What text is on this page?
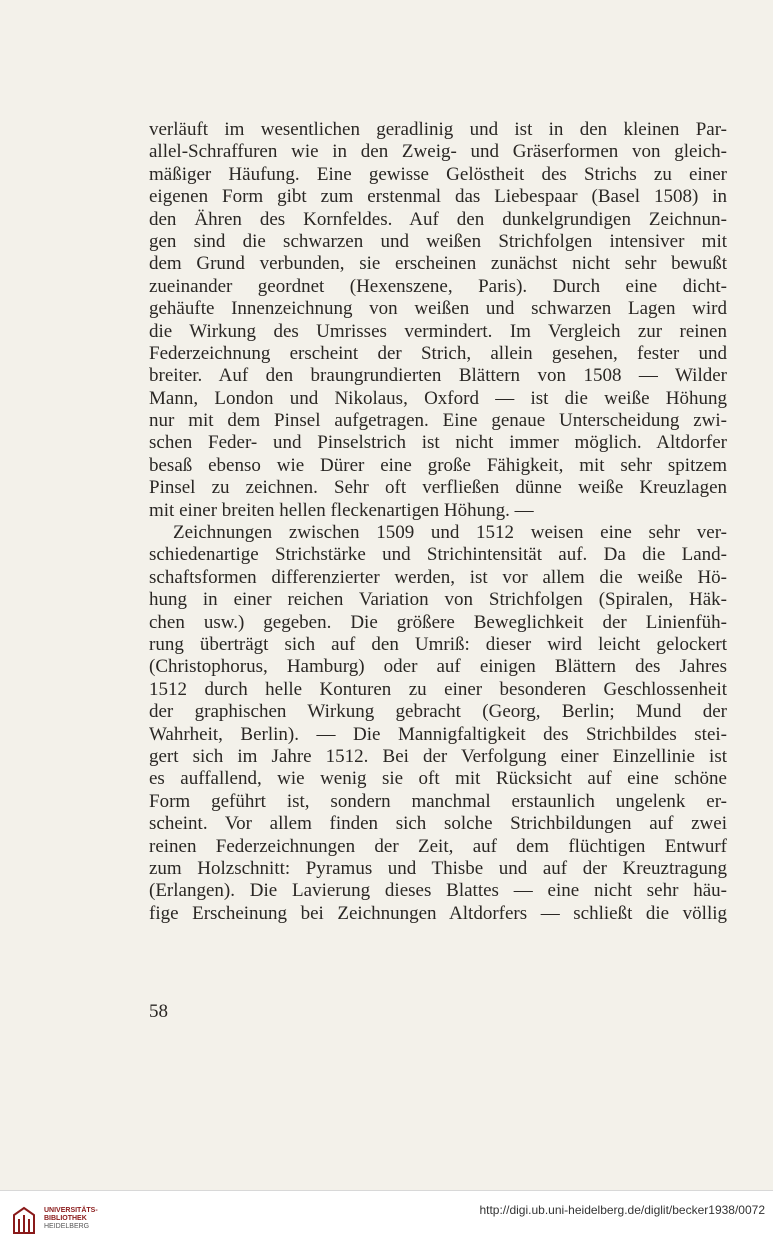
verläuft im wesentlichen geradlinig und ist in den kleinen Par-
allel-Schraffuren wie in den Zweig- und Gräserformen von gleich-
mäßiger Häufung. Eine gewisse Gelöstheit des Strichs zu einer
eigenen Form gibt zum erstenmal das Liebespaar (Basel 1508) in
den Ähren des Kornfeldes. Auf den dunkelgrundigen Zeichnun-
gen sind die schwarzen und weißen Strichfolgen intensiver mit
dem Grund verbunden, sie erscheinen zunächst nicht sehr bewußt
zueinander geordnet (Hexenszene, Paris). Durch eine dicht-
gehäufte Innenzeichnung von weißen und schwarzen Lagen wird
die Wirkung des Umrisses vermindert. Im Vergleich zur reinen
Federzeichnung erscheint der Strich, allein gesehen, fester und
breiter. Auf den braungrundierten Blättern von 1508 — Wilder
Mann, London und Nikolaus, Oxford — ist die weiße Höhung
nur mit dem Pinsel aufgetragen. Eine genaue Unterscheidung zwi-
schen Feder- und Pinselstrich ist nicht immer möglich. Altdorfer
besaß ebenso wie Dürer eine große Fähigkeit, mit sehr spitzem
Pinsel zu zeichnen. Sehr oft verfließen dünne weiße Kreuzlagen
mit einer breiten hellen fleckenartigen Höhung. —
Zeichnungen zwischen 1509 und 1512 weisen eine sehr ver-
schiedenartige Strichstärke und Strichintensität auf. Da die Land-
schaftsformen differenzierter werden, ist vor allem die weiße Hö-
hung in einer reichen Variation von Strichfolgen (Spiralen, Häk-
chen usw.) gegeben. Die größere Beweglichkeit der Linienfüh-
rung überträgt sich auf den Umriß: dieser wird leicht gelockert
(Christophorus, Hamburg) oder auf einigen Blättern des Jahres
1512 durch helle Konturen zu einer besonderen Geschlossenheit
der graphischen Wirkung gebracht (Georg, Berlin; Mund der
Wahrheit, Berlin). — Die Mannigfaltigkeit des Strichbildes stei-
gert sich im Jahre 1512. Bei der Verfolgung einer Einzellinie ist
es auffallend, wie wenig sie oft mit Rücksicht auf eine schöne
Form geführt ist, sondern manchmal erstaunlich ungelenk er-
scheint. Vor allem finden sich solche Strichbildungen auf zwei
reinen Federzeichnungen der Zeit, auf dem flüchtigen Entwurf
zum Holzschnitt: Pyramus und Thisbe und auf der Kreuztragung
(Erlangen). Die Lavierung dieses Blattes — eine nicht sehr häu-
fige Erscheinung bei Zeichnungen Altdorfers — schließt die völlig
58
UNIVERSITÄTS-
BIBLIOTHEK
HEIDELBERG
http://digi.ub.uni-heidelberg.de/diglit/becker1938/0072
